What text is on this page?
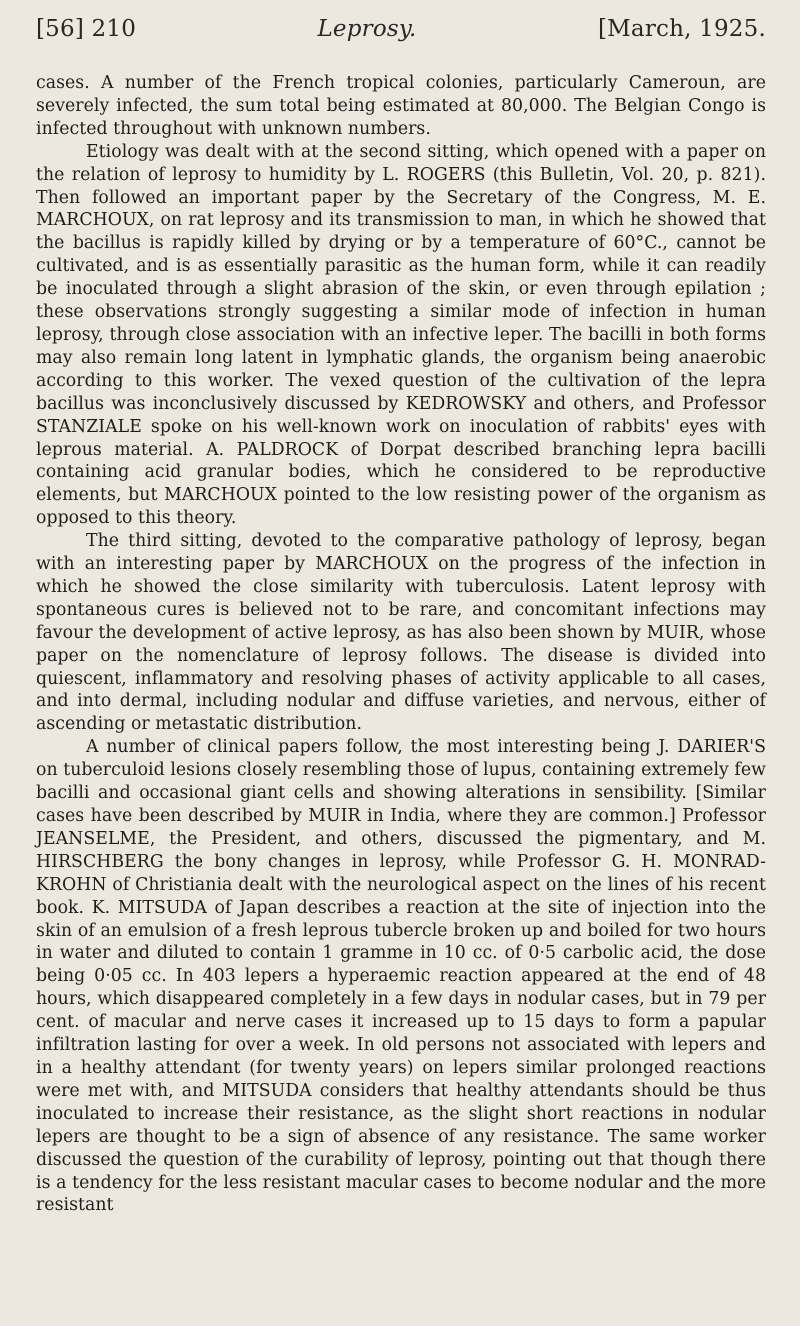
[56] 210	Leprosy.	[March, 1925.

cases. A number of the French tropical colonies, particularly Cameroun, are severely infected, the sum total being estimated at 80,000. The Belgian Congo is infected throughout with unknown numbers.

Etiology was dealt with at the second sitting, which opened with a paper on the relation of leprosy to humidity by L. ROGERS (this Bulletin, Vol. 20, p. 821). Then followed an important paper by the Secretary of the Congress, M. E. MARCHOUX, on rat leprosy and its transmission to man, in which he showed that the bacillus is rapidly killed by drying or by a temperature of 60°C., cannot be cultivated, and is as essentially parasitic as the human form, while it can readily be inoculated through a slight abrasion of the skin, or even through epilation ; these observations strongly suggesting a similar mode of infection in human leprosy, through close association with an infective leper. The bacilli in both forms may also remain long latent in lymphatic glands, the organism being anaerobic according to this worker. The vexed question of the cultivation of the lepra bacillus was inconclusively discussed by KEDROWSKY and others, and Professor STANZIALE spoke on his well-known work on inoculation of rabbits' eyes with leprous material. A. PALDROCK of Dorpat described branching lepra bacilli containing acid granular bodies, which he considered to be reproductive elements, but MARCHOUX pointed to the low resisting power of the organism as opposed to this theory.

The third sitting, devoted to the comparative pathology of leprosy, began with an interesting paper by MARCHOUX on the progress of the infection in which he showed the close similarity with tuberculosis. Latent leprosy with spontaneous cures is believed not to be rare, and concomitant infections may favour the development of active leprosy, as has also been shown by MUIR, whose paper on the nomenclature of leprosy follows. The disease is divided into quiescent, inflammatory and resolving phases of activity applicable to all cases, and into dermal, including nodular and diffuse varieties, and nervous, either of ascending or metastatic distribution.

A number of clinical papers follow, the most interesting being J. DARIER'S on tuberculoid lesions closely resembling those of lupus, containing extremely few bacilli and occasional giant cells and showing alterations in sensibility. [Similar cases have been described by MUIR in India, where they are common.] Professor JEANSELME, the President, and others, discussed the pigmentary, and M. HIRSCHBERG the bony changes in leprosy, while Professor G. H. MONRAD-KROHN of Christiania dealt with the neurological aspect on the lines of his recent book. K. MITSUDA of Japan describes a reaction at the site of injection into the skin of an emulsion of a fresh leprous tubercle broken up and boiled for two hours in water and diluted to contain 1 gramme in 10 cc. of 0·5 carbolic acid, the dose being 0·05 cc. In 403 lepers a hyperaemic reaction appeared at the end of 48 hours, which disappeared completely in a few days in nodular cases, but in 79 per cent. of macular and nerve cases it increased up to 15 days to form a papular infiltration lasting for over a week. In old persons not associated with lepers and in a healthy attendant (for twenty years) on lepers similar prolonged reactions were met with, and MITSUDA considers that healthy attendants should be thus inoculated to increase their resistance, as the slight short reactions in nodular lepers are thought to be a sign of absence of any resistance. The same worker discussed the question of the curability of leprosy, pointing out that though there is a tendency for the less resistant macular cases to become nodular and the more resistant
